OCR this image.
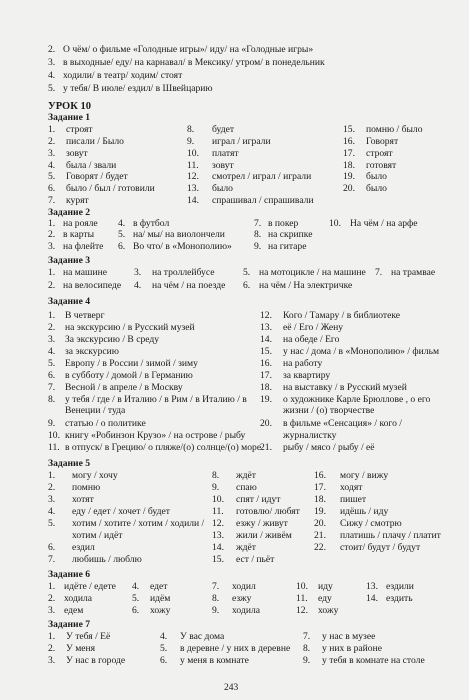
2. О чём/ о фильме «Голодные игры»/ иду/ на «Голодные игры»
3. в выходные/ еду/ на карнавал/ в Мексику/ утром/ в понедельник
4. ходили/ в театр/ ходим/ стоят
5. у тебя/ В июле/ ездил/ в Швейцарию
УРОК 10
Задание 1
1. строят
2. писали / Было
3. зовут
4. была / звали
5. Говорят / будет
6. было / был / готовили
7. курят
8. будет
9. играл / играли
10. платят
11. зовут
12. смотрел / играл / играли
13. было
14. спрашивал / спрашивали
15. помню / было
16. Говорят
17. строят
18. готовят
19. было
20. было
Задание 2
1. на рояле
2. в карты
3. на флейте
4. в футбол
5. на/ мы/ на виолончели
6. Во что/ в «Монополию»
7. в покер
8. на скрипке
9. на гитаре
10. На чём / на арфе
Задание 3
1. на машине
2. на велосипеде
3. на троллейбусе
4. на чём / на поезде
5. на мотоцикле / на машине
6. на чём / На электричке
7. на трамвае
Задание 4
1. В четверг
2. на экскурсию / в Русский музей
3. За экскурсию / В среду
4. за экскурсию
5. Европу / в России / зимой / зиму
6. в субботу / домой / в Германию
7. Весной / в апреле / в Москву
8. у тебя / где / в Италию / в Рим / в Италию / в
Венеции / туда
9. статью / о политике
10. книгу «Робинзон Крузо» / на острове / рыбу
11. в отпуск/ в Грецию/ о пляже/(о) солнце/(о) море
12. Кого / Тамару / в библиотеке
13. её / Его / Жену
14. на обеде / Его
15. у нас / дома / в «Монополию» / фильм
16. на работу
17. за квартиру
18. на выставку / в Русский музей
19. о художнике Карле Брюллове , о его
жизни / (о) творчестве
20. в фильме «Сенсация» / кого /
журналистку
21. рыбу / мясо / рыбу / её
Задание 5
1. могу / хочу
2. помню
3. хотят
4. еду / едет / хочет / будет
5. хотим / хотите / хотим / ходили /
хотим / идёт
6. ездил
7. любишь / люблю
8. ждёт
9. спаю
10. спят / идут
11. готовлю/ любят
12. езжу / живут
13. жили / живём
14. ждёт
15. ест / пьёт
16. могу / вижу
17. ходят
18. пишет
19. идёшь / иду
20. Сижу / смотрю
21. платишь / плачу / платит
22. стоит/ будут / будут
Задание 6
1. идёте / едете
2. ходила
3. едем
4. едет
5. идём
6. хожу
7. ходил
8. езжу
9. ходила
10. иду
11. еду
12. хожу
13. ездили
14. ездить
Задание 7
1. У тебя / Её
2. У меня
3. У нас в городе
4. У вас дома
5. в деревне / у них в деревне
6. у меня в комнате
7. у нас в музее
8. у них в районе
9. у тебя в комнате на столе
243
